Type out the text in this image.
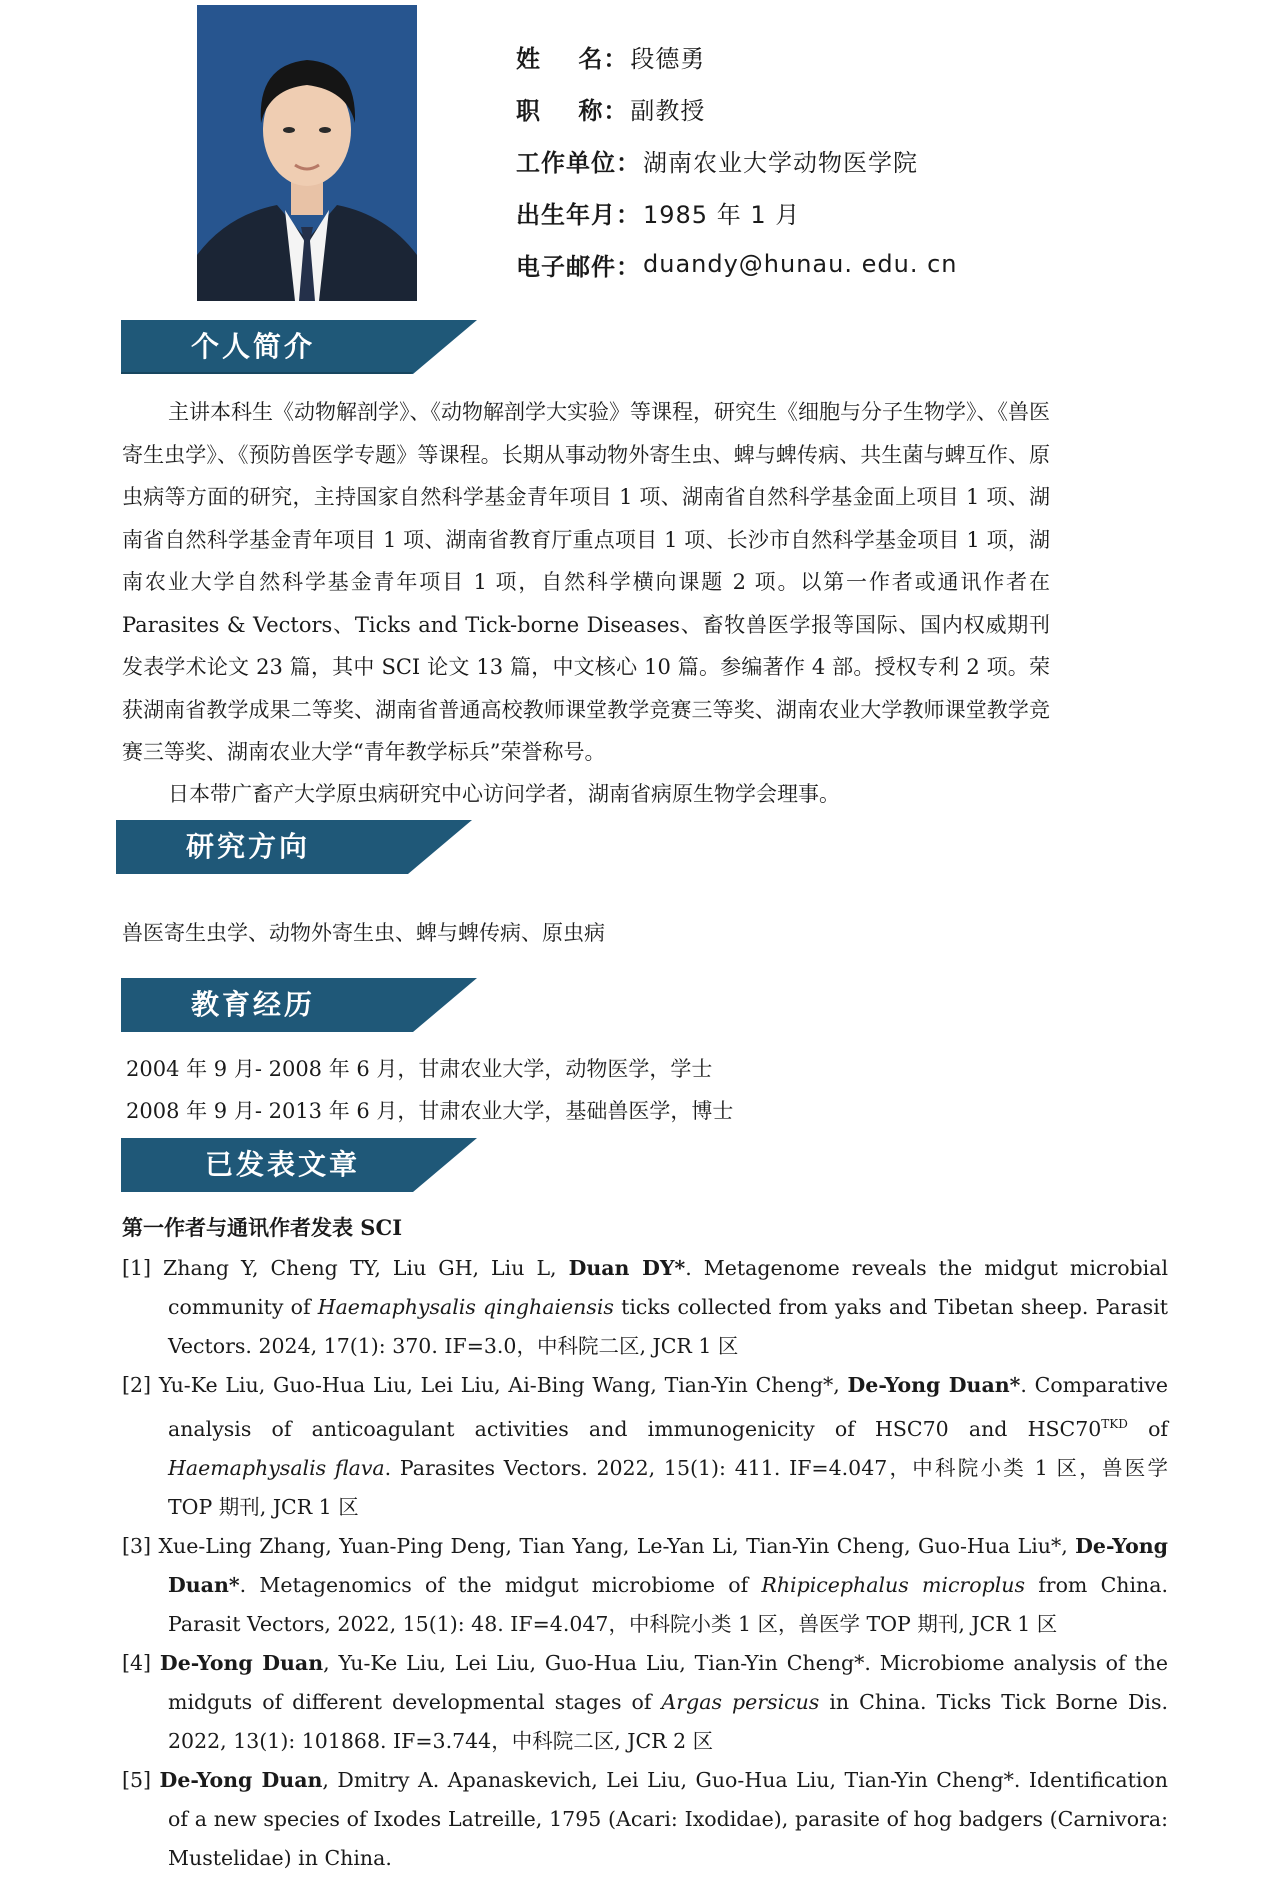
姓    名： 段德勇
职    称： 副教授
工作单位： 湖南农业大学动物医学院
出生年月： 1985 年 1 月
电子邮件： duandy@hunau. edu. cn
个人简介

主讲本科生《动物解剖学》、《动物解剖学大实验》等课程，研究生《细胞与分子生物学》、《兽医寄生虫学》、《预防兽医学专题》等课程。长期从事动物外寄生虫、蜱与蜱传病、共生菌与蜱互作、原虫病等方面的研究，主持国家自然科学基金青年项目 1 项、湖南省自然科学基金面上项目 1 项、湖南省自然科学基金青年项目 1 项、湖南省教育厅重点项目 1 项、长沙市自然科学基金项目 1 项，湖南农业大学自然科学基金青年项目 1 项，自然科学横向课题 2 项。以第一作者或通讯作者在 Parasites & Vectors、Ticks and Tick-borne Diseases、畜牧兽医学报等国际、国内权威期刊发表学术论文 23 篇，其中 SCI 论文 13 篇，中文核心 10 篇。参编著作 4 部。授权专利 2 项。荣获湖南省教学成果二等奖、湖南省普通高校教师课堂教学竞赛三等奖、湖南农业大学教师课堂教学竞赛三等奖、湖南农业大学“青年教学标兵”荣誉称号。

日本带广畜产大学原虫病研究中心访问学者，湖南省病原生物学会理事。

研究方向
兽医寄生虫学、动物外寄生虫、蜱与蜱传病、原虫病
教育经历
2004 年 9 月- 2008 年 6 月，甘肃农业大学，动物医学，学士
2008 年 9 月- 2013 年 6 月，甘肃农业大学，基础兽医学，博士
已发表文章
第一作者与通讯作者发表 SCI

[1] Zhang Y, Cheng TY, Liu GH, Liu L, Duan DY*. Metagenome reveals the midgut microbial community of Haemaphysalis qinghaiensis ticks collected from yaks and Tibetan sheep. Parasit Vectors. 2024, 17(1): 370. IF=3.0，中科院二区, JCR 1 区

[2] Yu-Ke Liu, Guo-Hua Liu, Lei Liu, Ai-Bing Wang, Tian-Yin Cheng*, De-Yong Duan*. Comparative analysis of anticoagulant activities and immunogenicity of HSC70 and $HSC70^{TKD}$ of Haemaphysalis flava. Parasites Vectors. 2022, 15(1): 411. IF=4.047，中科院小类 1 区，兽医学 TOP 期刊, JCR 1 区

[3] Xue-Ling Zhang, Yuan-Ping Deng, Tian Yang, Le-Yan Li, Tian-Yin Cheng, Guo-Hua Liu*, De-Yong Duan*. Metagenomics of the midgut microbiome of Rhipicephalus microplus from China. Parasit Vectors, 2022, 15(1): 48. IF=4.047，中科院小类 1 区，兽医学 TOP 期刊, JCR 1 区

[4] De-Yong Duan, Yu-Ke Liu, Lei Liu, Guo-Hua Liu, Tian-Yin Cheng*. Microbiome analysis of the midguts of different developmental stages of Argas persicus in China. Ticks Tick Borne Dis. 2022, 13(1): 101868. IF=3.744，中科院二区, JCR 2 区

[5] De-Yong Duan, Dmitry A. Apanaskevich, Lei Liu, Guo-Hua Liu, Tian-Yin Cheng*. Identification of a new species of Ixodes Latreille, 1795 (Acari: Ixodidae), parasite of hog badgers (Carnivora: Mustelidae) in China.
